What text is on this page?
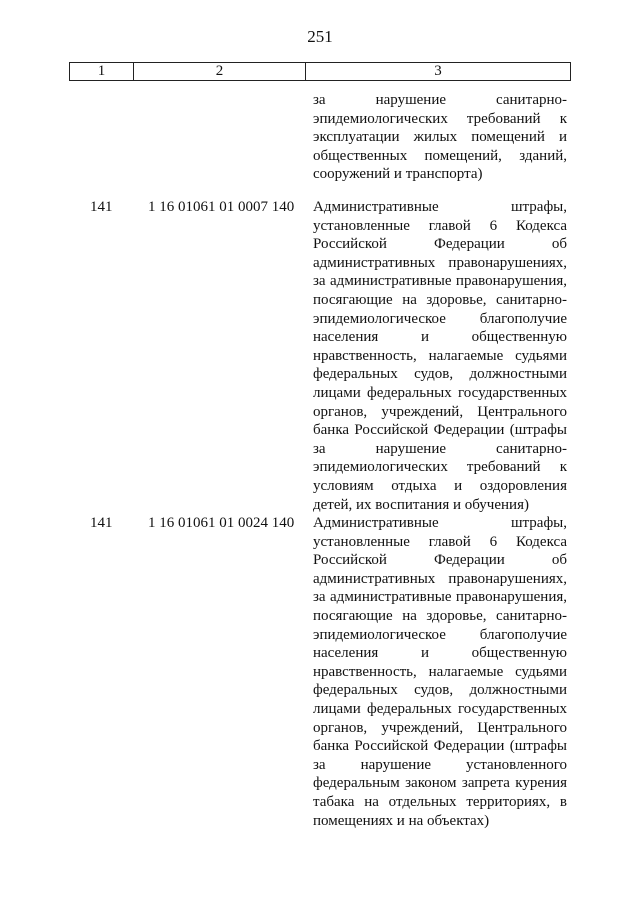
251
1	2	3
за нарушение санитарно-эпидемиологических требований к эксплуатации жилых помещений и общественных помещений, зданий, сооружений и транспорта)
141 1 16 01061 01 0007 140 Административные штрафы, установленные главой 6 Кодекса Российской Федерации об административных правонарушениях, за административные правонарушения, посягающие на здоровье, санитарно-эпидемиологическое благополучие населения и общественную нравственность, налагаемые судьями федеральных судов, должностными лицами федеральных государственных органов, учреждений, Центрального банка Российской Федерации (штрафы за нарушение санитарно-эпидемиологических требований к условиям отдыха и оздоровления детей, их воспитания и обучения)
141 1 16 01061 01 0024 140 Административные штрафы, установленные главой 6 Кодекса Российской Федерации об административных правонарушениях, за административные правонарушения, посягающие на здоровье, санитарно-эпидемиологическое благополучие населения и общественную нравственность, налагаемые судьями федеральных судов, должностными лицами федеральных государственных органов, учреждений, Центрального банка Российской Федерации (штрафы за нарушение установленного федеральным законом запрета курения табака на отдельных территориях, в помещениях и на объектах)
